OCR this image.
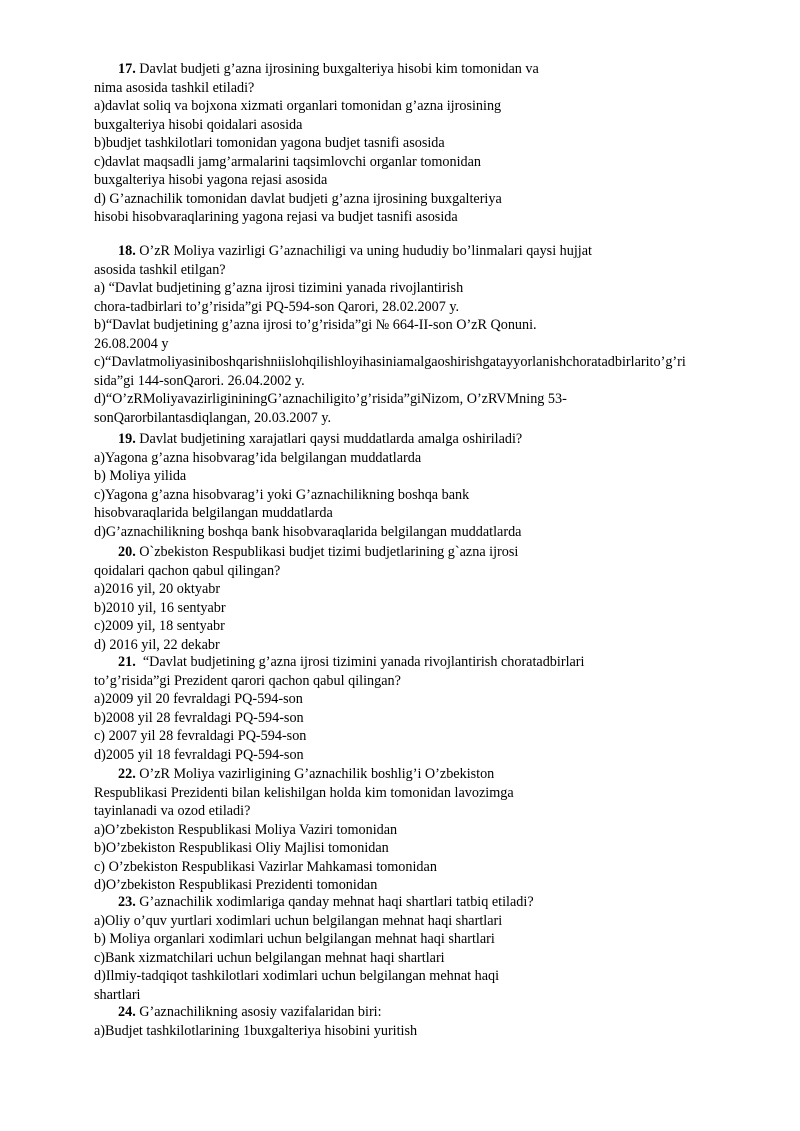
17. Davlat budjeti g’azna ijrosining buxgalteriya hisobi kim tomonidan va
nima asosida tashkil etiladi?
a)davlat soliq va bojxona xizmati organlari tomonidan g’azna ijrosining
buxgalteriya hisobi qoidalari asosida
b)budjet tashkilotlari tomonidan yagona budjet tasnifi asosida
c)davlat maqsadli jamg’armalarini taqsimlovchi organlar tomonidan
buxgalteriya hisobi yagona rejasi asosida
d) G’aznachilik tomonidan davlat budjeti g’azna ijrosining buxgalteriya
hisobi hisobvaraqlarining yagona rejasi va budjet tasnifi asosida
18. O’zR Moliya vazirligi G’aznachiligi va uning hududiy bo’linmalari qaysi hujjat
asosida tashkil etilgan?
a) “Davlat budjetining g’azna ijrosi tizimini yanada rivojlantirish
chora-tadbirlari to’g’risida”gi PQ-594-son Qarori, 28.02.2007 y.
b)“Davlat budjetining g’azna ijrosi to’g’risida”gi № 664-II-son O’zR Qonuni.
26.08.2004 y
c)“Davlatmoliyasiniboshqarishniislohqilishloyihasiniamalgaoshirishgatayyorlanishchoratadbirlarito’g’ri
sida”gi 144-sonQarori. 26.04.2002 y.
d)“O’zRMoliyavazirligininingG’aznachiligito’g’risida”giNizom, O’zRVMning 53-
sonQarorbilantasdiqlangan, 20.03.2007 y.
19. Davlat budjetining xarajatlari qaysi muddatlarda amalga oshiriladi?
a)Yagona g’azna hisobvarag’ida belgilangan muddatlarda
b) Moliya yilida
c)Yagona g’azna hisobvarag’i yoki G’aznachilikning boshqa bank
hisobvaraqlarida belgilangan muddatlarda
d)G’aznachilikning boshqa bank hisobvaraqlarida belgilangan muddatlarda
20. O`zbekiston Respublikasi budjet tizimi budjetlarining g`azna ijrosi
qoidalari qachon qabul qilingan?
a)2016 yil, 20 oktyabr
b)2010 yil, 16 sentyabr
c)2009 yil, 18 sentyabr
d) 2016 yil, 22 dekabr
21.  “Davlat budjetining g’azna ijrosi tizimini yanada rivojlantirish choratadbirlari
to’g’risida”gi Prezident qarori qachon qabul qilingan?
a)2009 yil 20 fevraldagi PQ-594-son
b)2008 yil 28 fevraldagi PQ-594-son
c) 2007 yil 28 fevraldagi PQ-594-son
d)2005 yil 18 fevraldagi PQ-594-son
22. O’zR Moliya vazirligining G’aznachilik boshlig’i O’zbekiston
Respublikasi Prezidenti bilan kelishilgan holda kim tomonidan lavozimga
tayinlanadi va ozod etiladi?
a)O’zbekiston Respublikasi Moliya Vaziri tomonidan
b)O’zbekiston Respublikasi Oliy Majlisi tomonidan
c) O’zbekiston Respublikasi Vazirlar Mahkamasi tomonidan
d)O’zbekiston Respublikasi Prezidenti tomonidan
23. G’aznachilik xodimlariga qanday mehnat haqi shartlari tatbiq etiladi?
a)Oliy o’quv yurtlari xodimlari uchun belgilangan mehnat haqi shartlari
b) Moliya organlari xodimlari uchun belgilangan mehnat haqi shartlari
c)Bank xizmatchilari uchun belgilangan mehnat haqi shartlari
d)Ilmiy-tadqiqot tashkilotlari xodimlari uchun belgilangan mehnat haqi
shartlari
24. G’aznachilikning asosiy vazifalaridan biri:
a)Budjet tashkilotlarining 1buxgalteriya hisobini yuritish
